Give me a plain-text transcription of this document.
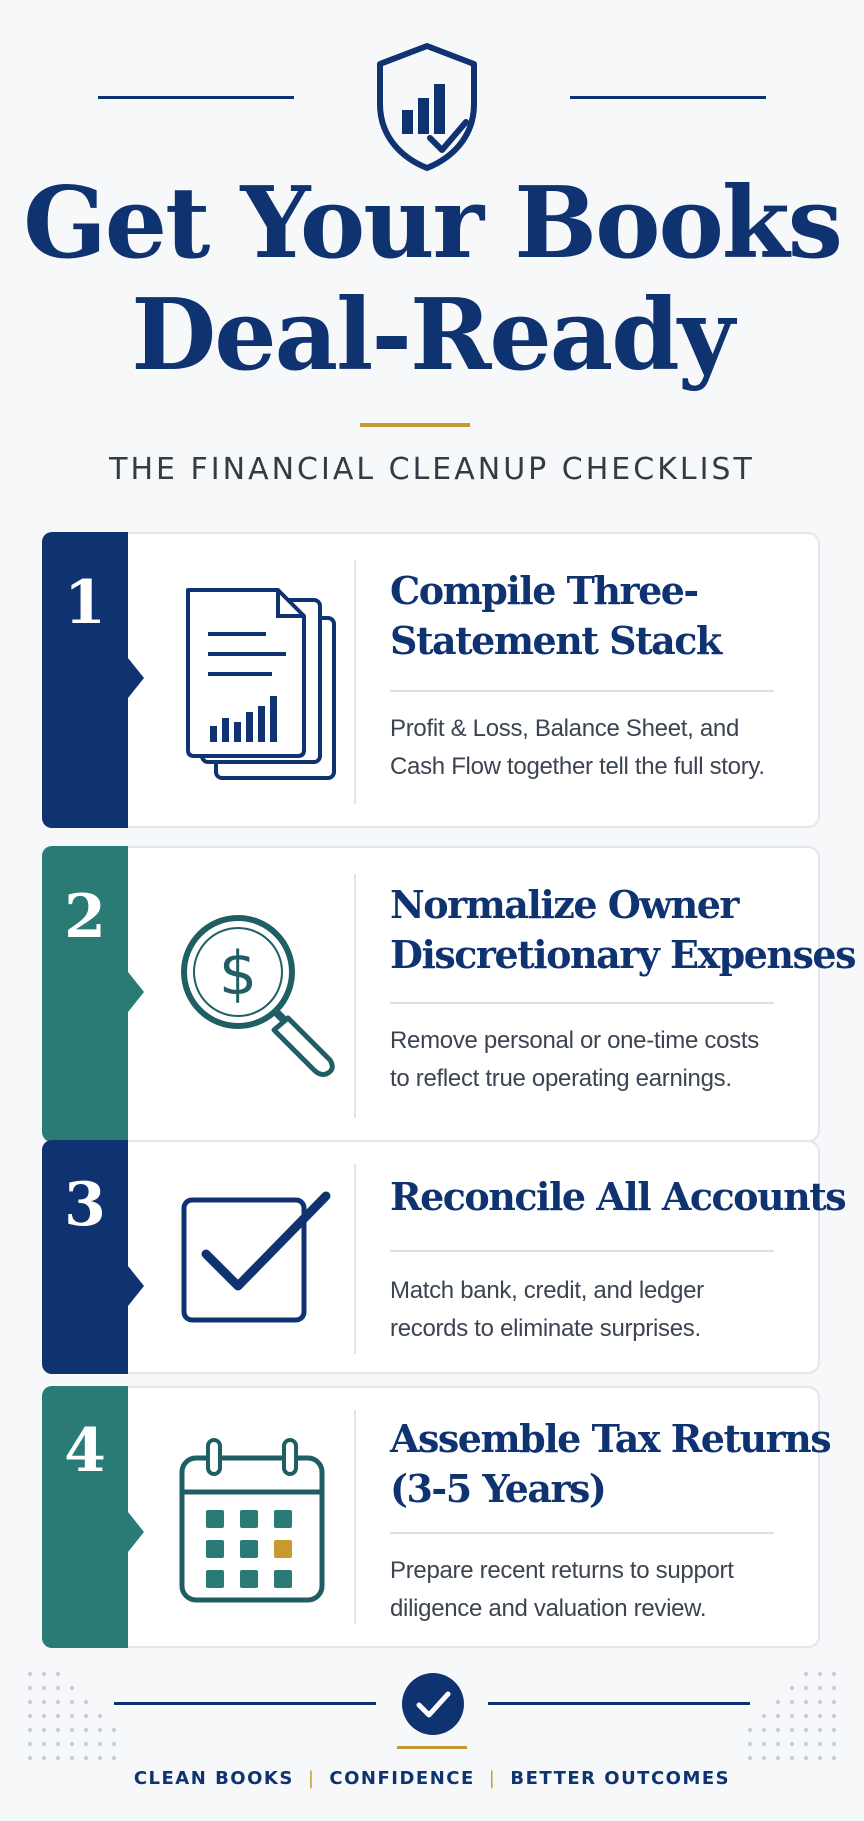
Get Your Books
Deal-Ready
THE FINANCIAL CLEANUP CHECKLIST
1	Compile Three-
Statement Stack
Profit & Loss, Balance Sheet, and
Cash Flow together tell the full story.
2
$
Normalize Owner
Discretionary Expenses
Remove personal or one-time costs
to reflect true operating earnings.
3	Reconcile All Accounts
Match bank, credit, and ledger
records to eliminate surprises.
4	Assemble Tax Returns
(3-5 Years)
Prepare recent returns to support
diligence and valuation review.
CLEAN BOOKS | CONFIDENCE | BETTER OUTCOMES
